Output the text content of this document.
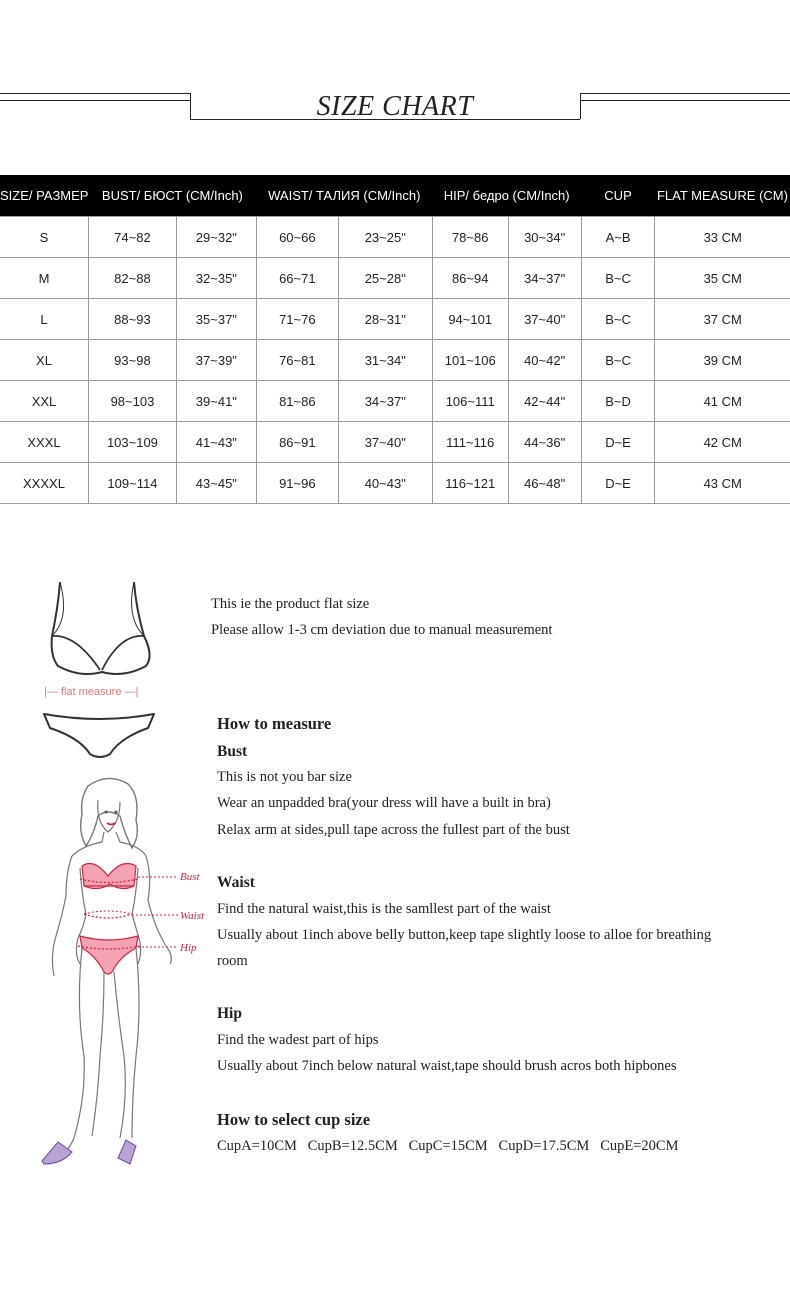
SIZE CHART
SIZE/ РАЗМЕР	BUST/ БЮСТ (CM/Inch)		WAIST/ ТАЛИЯ (CM/Inch)		HIP/ бедро (CM/Inch)		CUP	FLAT MEASURE (CM)
S	74~82	29~32"	60~66	23~25"	78~86	30~34"	A~B	33 CM
M	82~88	32~35"	66~71	25~28"	86~94	34~37"	B~C	35 CM
L	88~93	35~37"	71~76	28~31"	94~101	37~40"	B~C	37 CM
XL	93~98	37~39"	76~81	31~34"	101~106	40~42"	B~C	39 CM
XXL	98~103	39~41"	81~86	34~37"	106~111	42~44"	B~D	41 CM
XXXL	103~109	41~43"	86~91	37~40"	111~116	44~36"	D~E	42 CM
XXXXL	109~114	43~45"	91~96	40~43"	116~121	46~48"	D~E	43 CM
|— flat measure —|
Bust
Waist
Hip
This ie the product flat size
Please allow 1-3 cm deviation due to manual measurement
How to measure
Bust
This is not you bar size
Wear an unpadded bra(your dress will have a built in bra)
Relax arm at sides,pull tape across the fullest part of the bust
Waist
Find the natural waist,this is the samllest part of the waist
Usually about 1inch above belly button,keep tape slightly loose to alloe for breathing
room
Hip
Find the wadest part of hips
Usually about 7inch below natural waist,tape should brush acros both hipbones
How to select cup size
CupA=10CM   CupB=12.5CM   CupC=15CM   CupD=17.5CM   CupE=20CM
